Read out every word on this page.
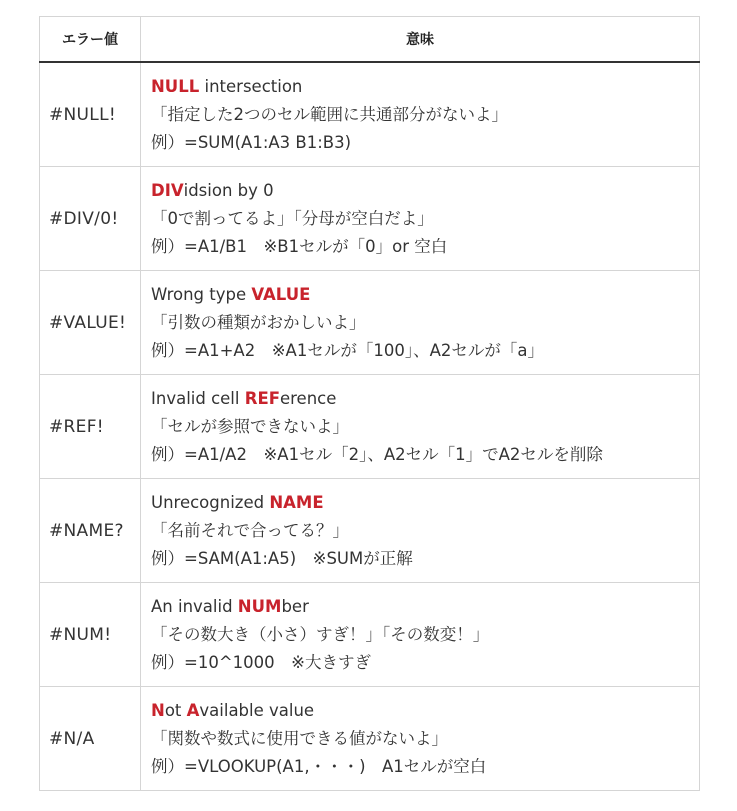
エラー値	意味
#NULL!	NULL intersection
「指定した2つのセル範囲に共通部分がないよ」
例）=SUM(A1:A3 B1:B3)

#DIV/0!	DIVidsion by 0
「0で割ってるよ」「分母が空白だよ」
例）=A1/B1　※B1セルが「0」or 空白

#VALUE!	Wrong type VALUE
「引数の種類がおかしいよ」
例）=A1+A2　※A1セルが「100」、A2セルが「a」

#REF!	Invalid cell REFerence
「セルが参照できないよ」
例）=A1/A2　※A1セル「2」、A2セル「1」でA2セルを削除

#NAME?	Unrecognized NAME
「名前それで合ってる？」
例）=SAM(A1:A5)　※SUMが正解

#NUM!	An invalid NUMber
「その数大き（小さ）すぎ！」「その数変！」
例）=10^1000　※大きすぎ

#N/A	Not Available value
「関数や数式に使用できる値がないよ」
例）=VLOOKUP(A1,・・・)　A1セルが空白
